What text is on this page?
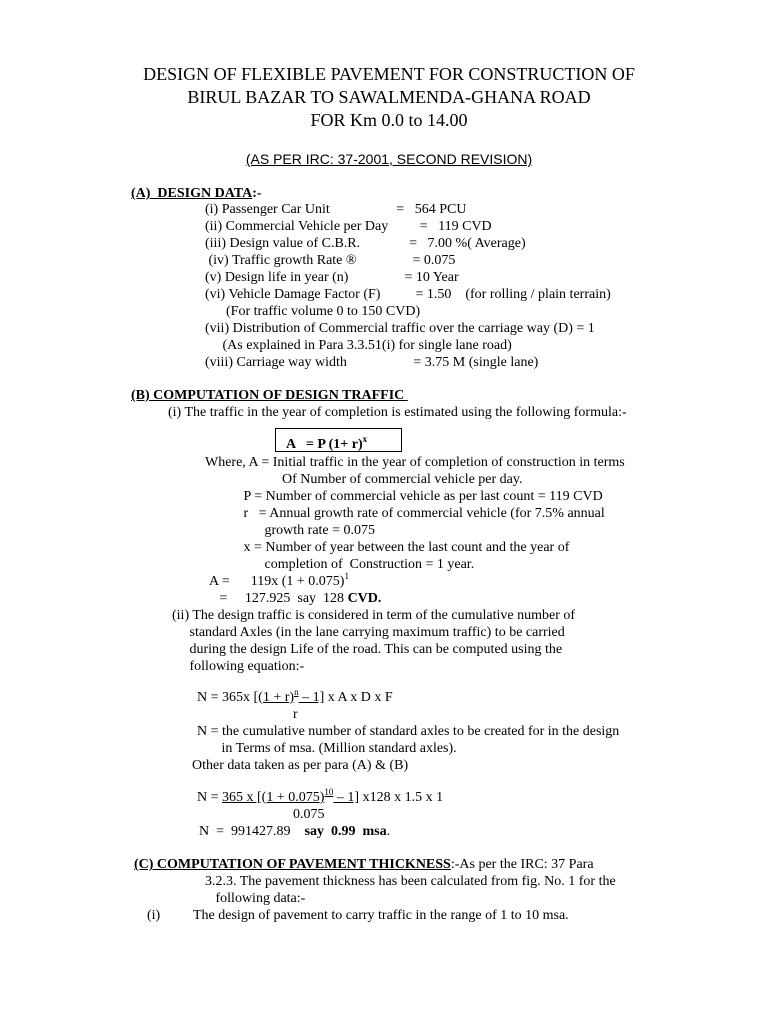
DESIGN OF FLEXIBLE PAVEMENT FOR CONSTRUCTION OF
BIRUL BAZAR TO SAWALMENDA-GHANA ROAD
FOR Km 0.0 to 14.00
(AS PER IRC: 37-2001, SECOND REVISION)
(A)  DESIGN DATA:-
(i) Passenger Car Unit                   =   564 PCU
(ii) Commercial Vehicle per Day         =   119 CVD
(iii) Design value of C.B.R.              =   7.00 %( Average)
(iv) Traffic growth Rate ®                = 0.075
(v) Design life in year (n)                = 10 Year
(vi) Vehicle Damage Factor (F)          = 1.50    (for rolling / plain terrain)
(For traffic volume 0 to 150 CVD)
(vii) Distribution of Commercial traffic over the carriage way (D) = 1
(As explained in Para 3.3.51(i) for single lane road)
(viii) Carriage way width                   = 3.75 M (single lane)
(B) COMPUTATION OF DESIGN TRAFFIC
(i) The traffic in the year of completion is estimated using the following formula:-
A   = P $(1+ r)^x$
Where, A = Initial traffic in the year of completion of construction in terms
Of Number of commercial vehicle per day.
P = Number of commercial vehicle as per last count = 119 CVD
r   = Annual growth rate of commercial vehicle (for 7.5% annual
growth rate = 0.075
x = Number of year between the last count and the year of
completion of  Construction = 1 year.
A =      119x $(1 + 0.075)^1$
=     127.925  say  128 CVD.
(ii) The design traffic is considered in term of the cumulative number of
standard Axles (in the lane carrying maximum traffic) to be carried
during the design Life of the road. This can be computed using the
following equation:-
N = 365x $[(1 + r)^n - 1]$ x A x D x F
r
N = the cumulative number of standard axles to be created for in the design
in Terms of msa. (Million standard axles).
Other data taken as per para (A) & (B)
N = 365 x $[(1 + 0.075)^{10} - 1]$ x128 x 1.5 x 1
0.075
N  =  991427.89    say  0.99  msa.
(C) COMPUTATION OF PAVEMENT THICKNESS:-As per the IRC: 37 Para
3.2.3. The pavement thickness has been calculated from fig. No. 1 for the
following data:-
(i) The design of pavement to carry traffic in the range of 1 to 10 msa.
